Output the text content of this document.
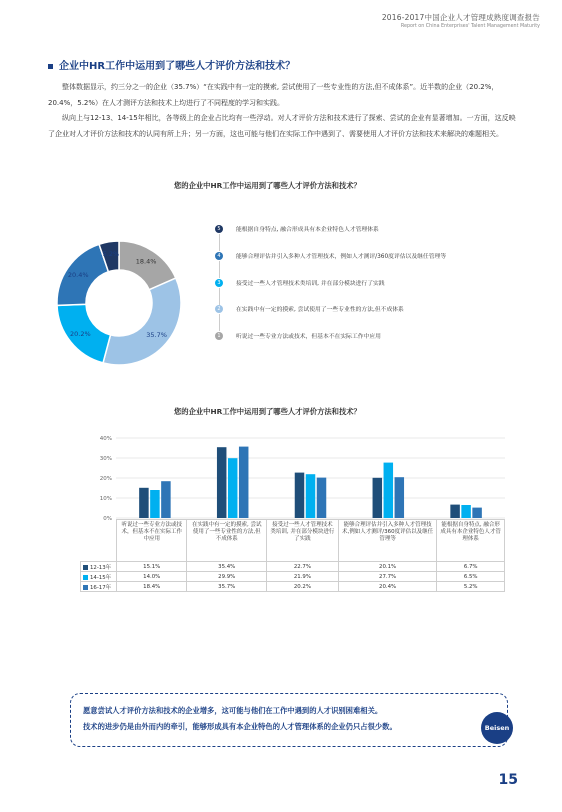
2016-2017中国企业人才管理成熟度调查报告
Report on China Enterprises' Talent Management Maturity
企业中HR工作中运用到了哪些人才评价方法和技术？

整体数据显示，约三分之一的企业（35.7%）“在实践中有一定的摸索, 尝试使用了一些专业性的方法,但不成体系”。近半数的企业（20.2%，20.4%，5.2%）在人才测评方法和技术上均进行了不同程度的学习和实践。

纵向上与12-13、14-15年相比，各等级上的企业占比均有一些浮动。对人才评价方法和技术进行了探索、尝试的企业有显著增加。一方面，这反映了企业对人才评价方法和技术的认同有所上升；另一方面，这也可能与他们在实际工作中遇到了、需要使用人才评价方法和技术来解决的难题相关。

您的企业中HR工作中运用到了哪些人才评价方法和技术？
18.4%
35.7%
20.2%
20.4%
5.2%
5	能根据自身特点, 融合形成具有本企业特色人才管理体系
4	能够合理评估并引入多种人才管理技术，例如人才测评/360度评估以及继任管理等
3	接受过一些人才管理技术类培训, 并在部分模块进行了实践
2	在实践中有一定的摸索, 尝试使用了一些专业性的方法,但不成体系
1	听说过一些专业方法或技术，但基本不在实际工作中应用
您的企业中HR工作中运用到了哪些人才评价方法和技术？
0%
10%
20%
30%
40%
	听说过一些专业方法或技术，但基本不在实际工作中应用	在实践中有一定的摸索, 尝试使用了一些专业性的方法,但不成体系	接受过一些人才管理技术类培训, 并在部分模块进行了实践	能够合理评估并引入多种人才管理技术,例如人才测评/360度评估以及继任管理等	能根据自身特点, 融合形成具有本企业特色人才管理体系
12-13年	15.1%	35.4%	22.7%	20.1%	6.7%
14-15年	14.0%	29.9%	21.9%	27.7%	6.5%
16-17年	18.4%	35.7%	20.2%	20.4%	5.2%
愿意尝试人才评价方法和技术的企业增多，这可能与他们在工作中遇到的人才识别困难相关。
技术的进步仍是由外而内的牵引，能够形成具有本企业特色的人才管理体系的企业仍只占很少数。	Beisen
15
